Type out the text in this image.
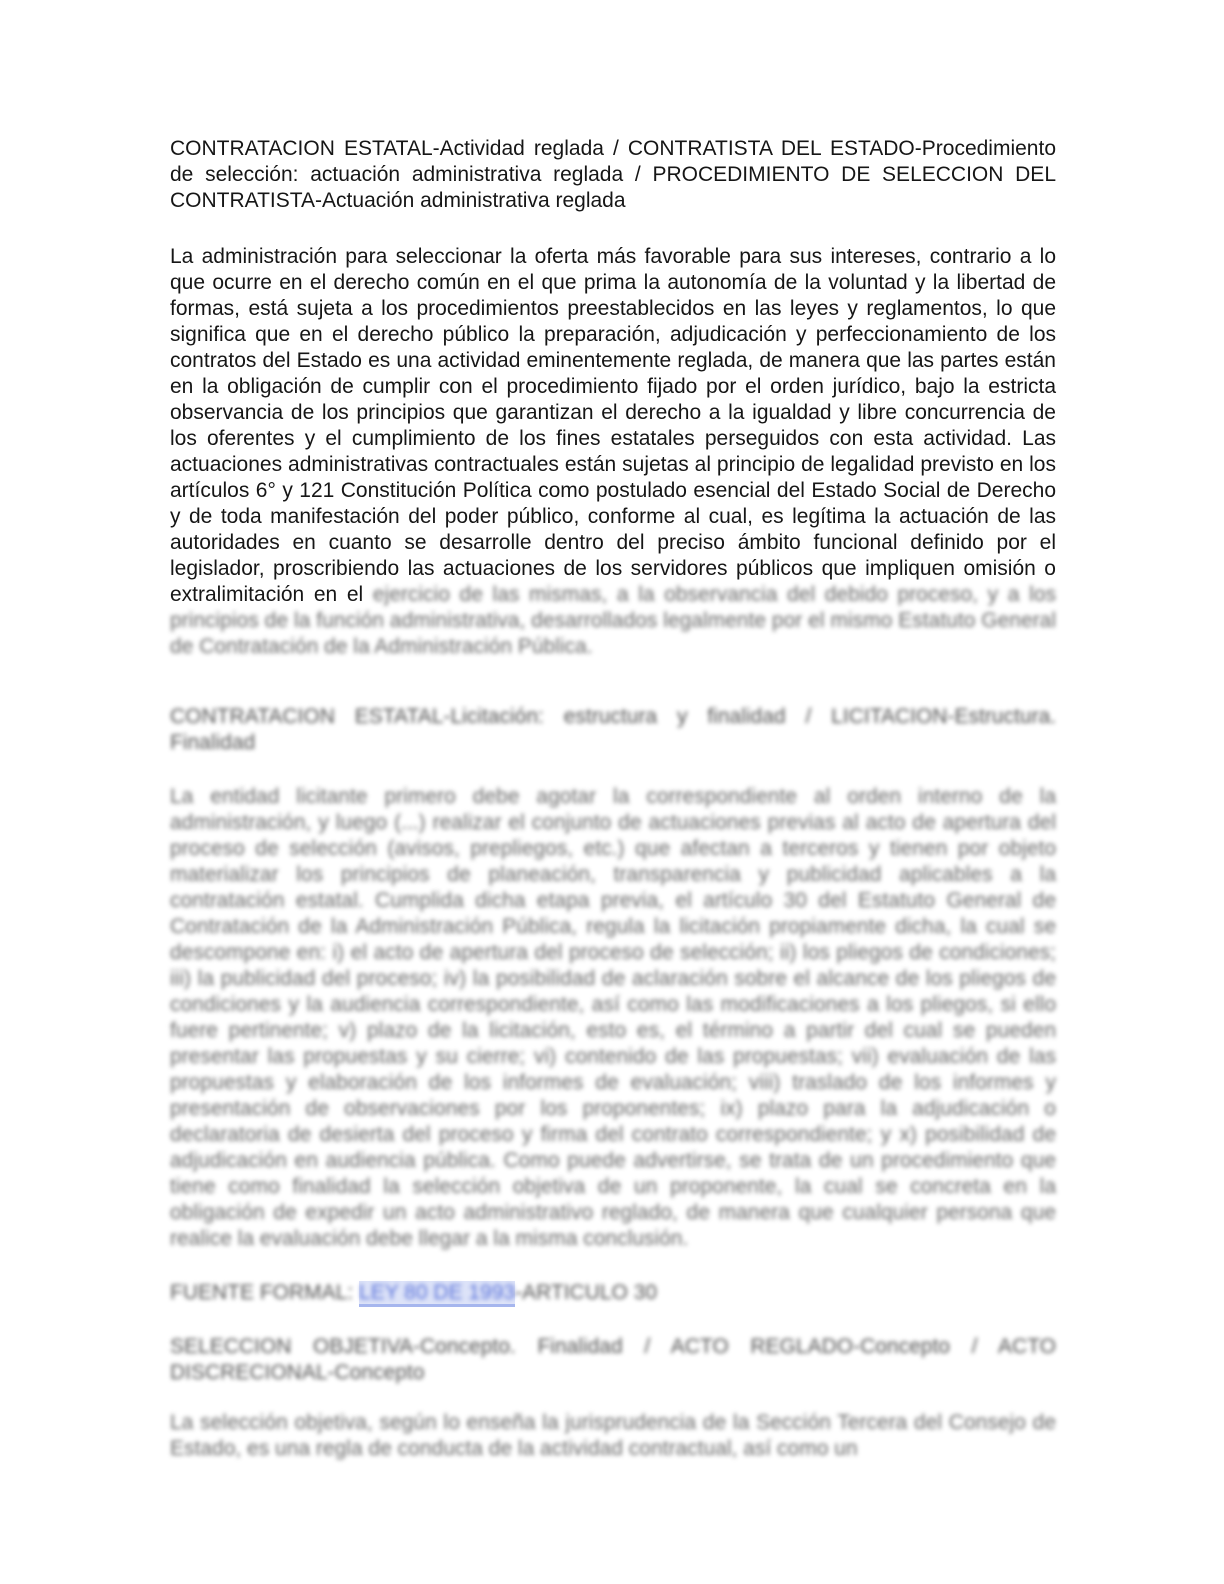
CONTRATACION ESTATAL-Actividad reglada / CONTRATISTA DEL ESTADO-Procedimiento de selección: actuación administrativa reglada / PROCEDIMIENTO DE SELECCION DEL CONTRATISTA-Actuación administrativa reglada

La administración para seleccionar la oferta más favorable para sus intereses, contrario a lo que ocurre en el derecho común en el que prima la autonomía de la voluntad y la libertad de formas, está sujeta a los procedimientos preestablecidos en las leyes y reglamentos, lo que significa que en el derecho público la preparación, adjudicación y perfeccionamiento de los contratos del Estado es una actividad eminentemente reglada, de manera que las partes están en la obligación de cumplir con el procedimiento fijado por el orden jurídico, bajo la estricta observancia de los principios que garantizan el derecho a la igualdad y libre concurrencia de los oferentes y el cumplimiento de los fines estatales perseguidos con esta actividad. Las actuaciones administrativas contractuales están sujetas al principio de legalidad previsto en los artículos 6° y 121 Constitución Política como postulado esencial del Estado Social de Derecho y de toda manifestación del poder público, conforme al cual, es legítima la actuación de las autoridades en cuanto se desarrolle dentro del preciso ámbito funcional definido por el legislador, proscribiendo las actuaciones de los servidores públicos que impliquen omisión o extralimitación en el ejercicio de las mismas, a la observancia del debido proceso, y a los principios de la función administrativa, desarrollados legalmente por el mismo Estatuto General de Contratación de la Administración Pública.

CONTRATACION ESTATAL-Licitación: estructura y finalidad / LICITACION-Estructura. Finalidad

La entidad licitante primero debe agotar la correspondiente al orden interno de la administración, y luego (...) realizar el conjunto de actuaciones previas al acto de apertura del proceso de selección (avisos, prepliegos, etc.) que afectan a terceros y tienen por objeto materializar los principios de planeación, transparencia y publicidad aplicables a la contratación estatal. Cumplida dicha etapa previa, el artículo 30 del Estatuto General de Contratación de la Administración Pública, regula la licitación propiamente dicha, la cual se descompone en: i) el acto de apertura del proceso de selección; ii) los pliegos de condiciones; iii) la publicidad del proceso; iv) la posibilidad de aclaración sobre el alcance de los pliegos de condiciones y la audiencia correspondiente, así como las modificaciones a los pliegos, si ello fuere pertinente; v) plazo de la licitación, esto es, el término a partir del cual se pueden presentar las propuestas y su cierre; vi) contenido de las propuestas; vii) evaluación de las propuestas y elaboración de los informes de evaluación; viii) traslado de los informes y presentación de observaciones por los proponentes; ix) plazo para la adjudicación o declaratoria de desierta del proceso y firma del contrato correspondiente; y x) posibilidad de adjudicación en audiencia pública. Como puede advertirse, se trata de un procedimiento que tiene como finalidad la selección objetiva de un proponente, la cual se concreta en la obligación de expedir un acto administrativo reglado, de manera que cualquier persona que realice la evaluación debe llegar a la misma conclusión.

FUENTE FORMAL: LEY 80 DE 1993-ARTICULO 30

SELECCION OBJETIVA-Concepto. Finalidad / ACTO REGLADO-Concepto / ACTO DISCRECIONAL-Concepto

La selección objetiva, según lo enseña la jurisprudencia de la Sección Tercera del Consejo de Estado, es una regla de conducta de la actividad contractual, así como un
